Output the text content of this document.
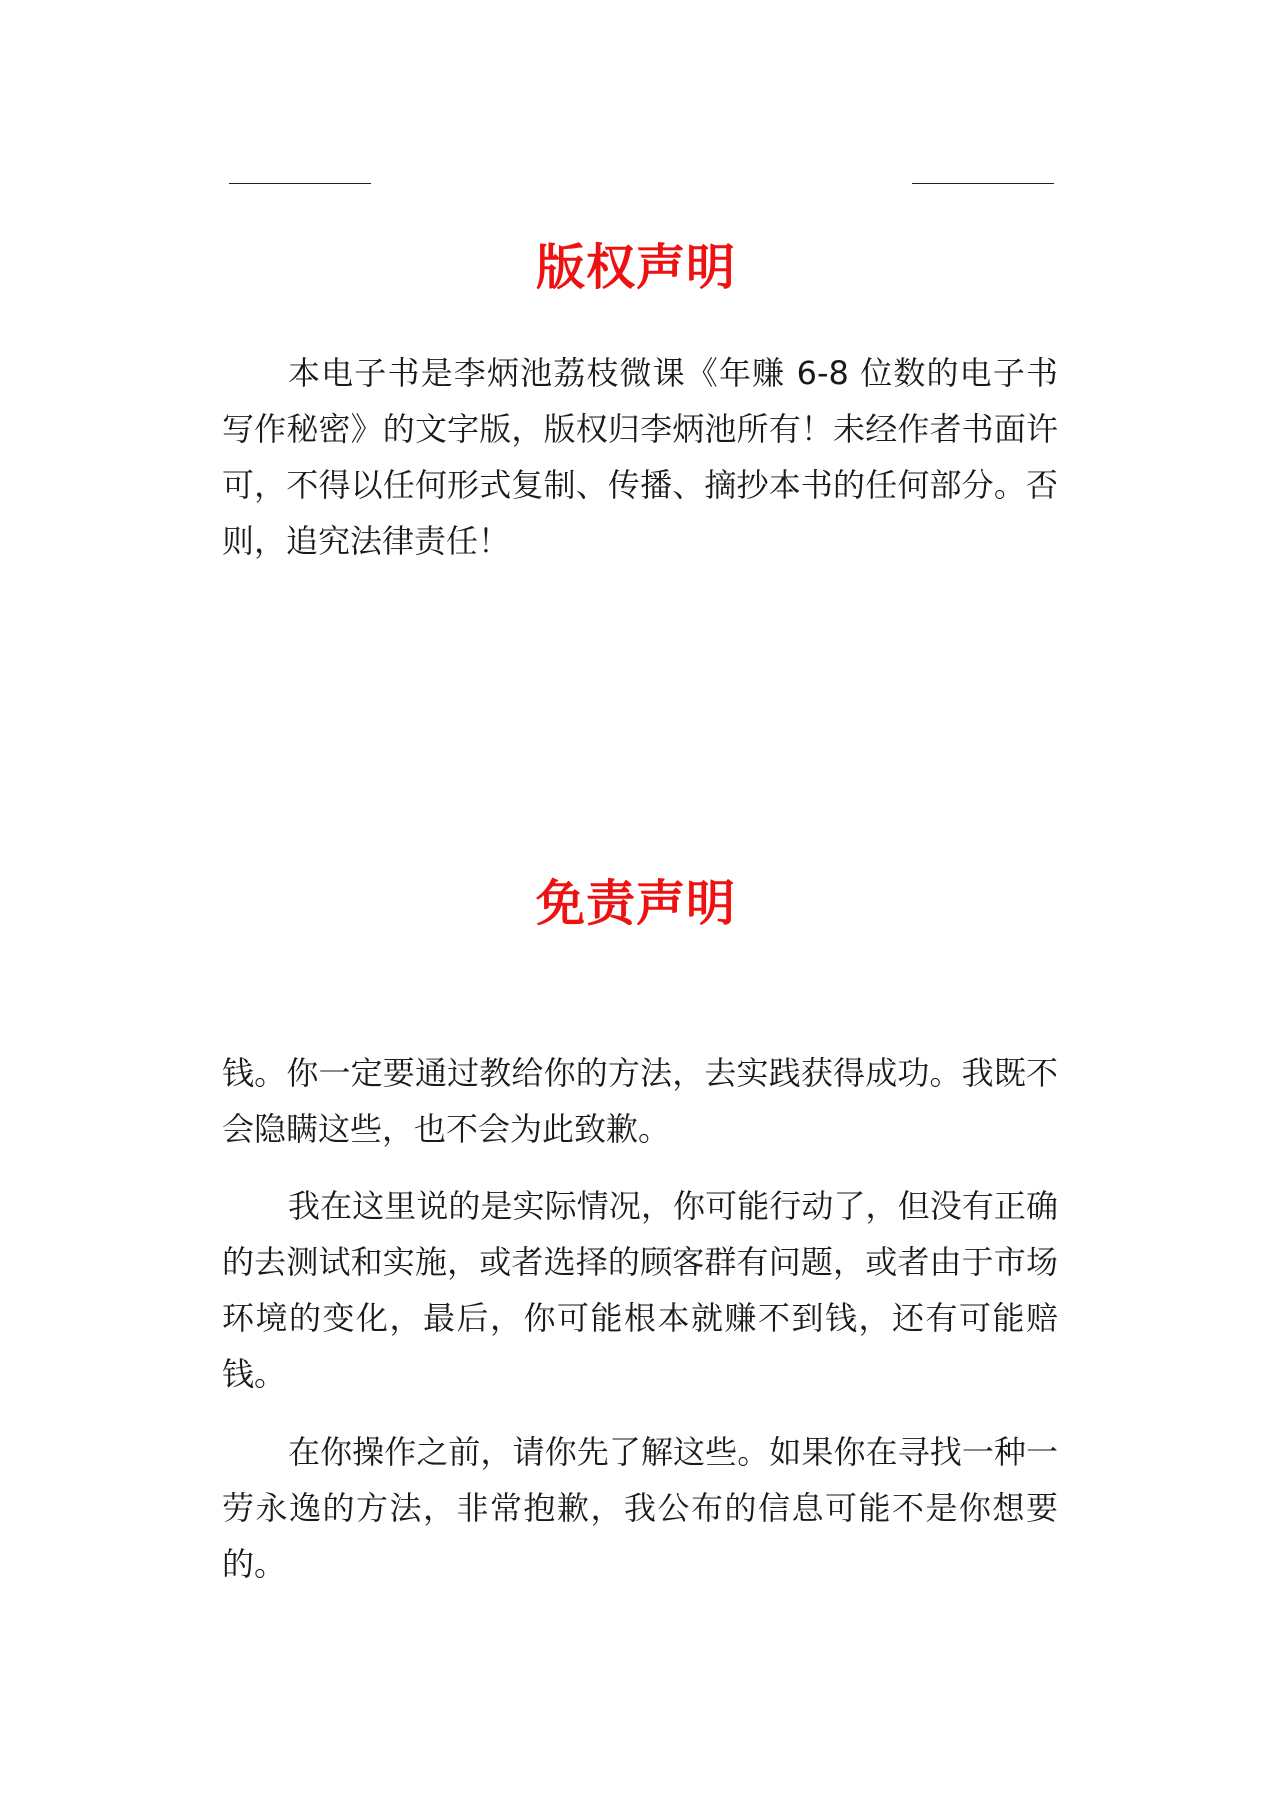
版权声明

本电子书是李炳池荔枝微课《年赚 6-8 位数的电子书写作秘密》的文字版，版权归李炳池所有！未经作者书面许可，不得以任何形式复制、传播、摘抄本书的任何部分。否则，追究法律责任！

免责声明

钱。你一定要通过教给你的方法，去实践获得成功。我既不会隐瞒这些，也不会为此致歉。

我在这里说的是实际情况，你可能行动了，但没有正确的去测试和实施，或者选择的顾客群有问题，或者由于市场环境的变化，最后，你可能根本就赚不到钱，还有可能赔钱。

在你操作之前，请你先了解这些。如果你在寻找一种一劳永逸的方法，非常抱歉，我公布的信息可能不是你想要的。
